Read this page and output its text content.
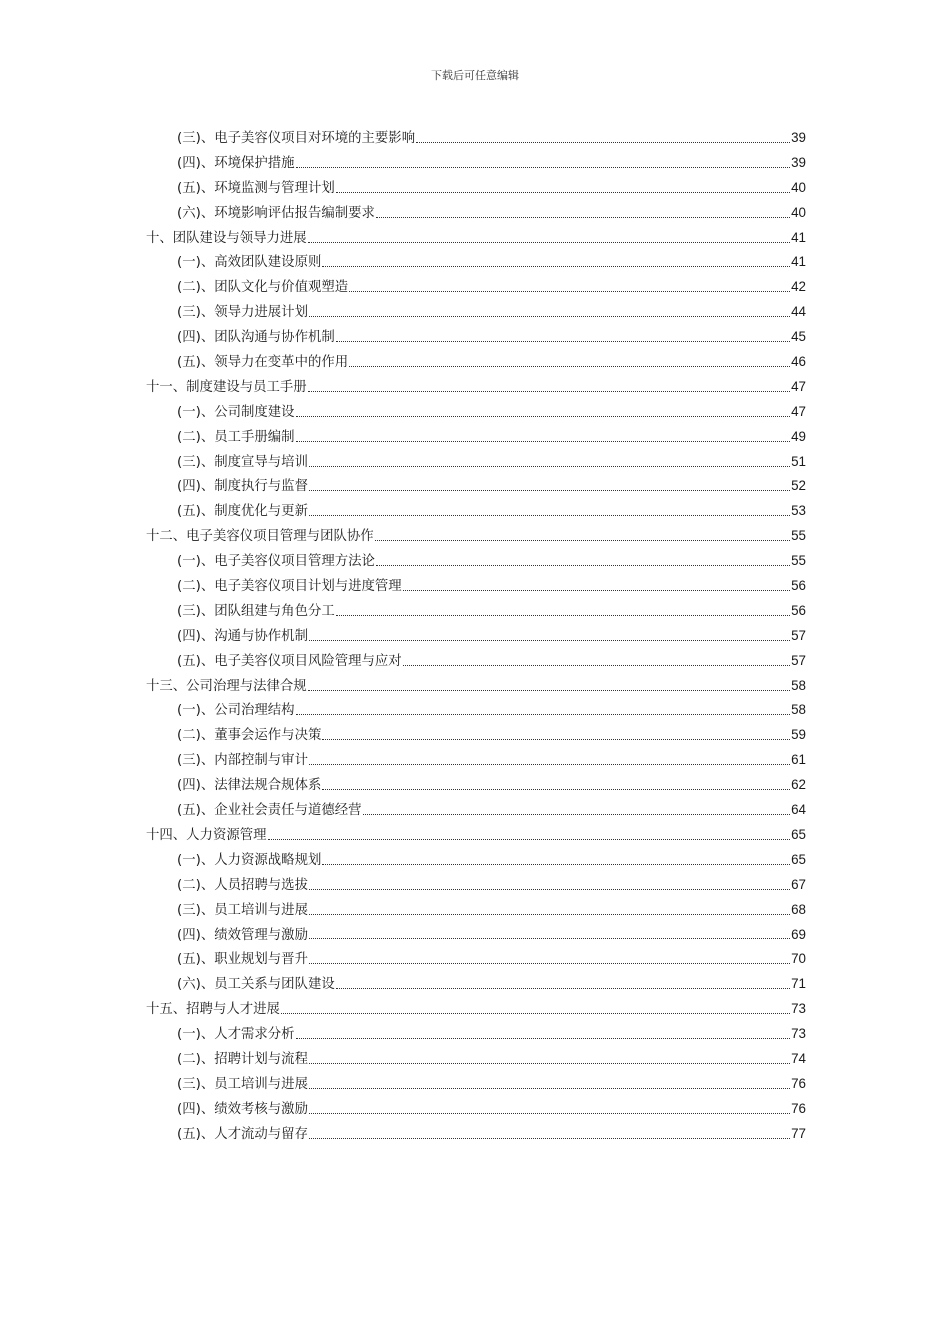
下载后可任意编辑
(三)、电子美容仪项目对环境的主要影响	39
(四)、环境保护措施	39
(五)、环境监测与管理计划	40
(六)、环境影响评估报告编制要求	40
十、团队建设与领导力进展	41
(一)、高效团队建设原则	41
(二)、团队文化与价值观塑造	42
(三)、领导力进展计划	44
(四)、团队沟通与协作机制	45
(五)、领导力在变革中的作用	46
十一、制度建设与员工手册	47
(一)、公司制度建设	47
(二)、员工手册编制	49
(三)、制度宣导与培训	51
(四)、制度执行与监督	52
(五)、制度优化与更新	53
十二、电子美容仪项目管理与团队协作	55
(一)、电子美容仪项目管理方法论	55
(二)、电子美容仪项目计划与进度管理	56
(三)、团队组建与角色分工	56
(四)、沟通与协作机制	57
(五)、电子美容仪项目风险管理与应对	57
十三、公司治理与法律合规	58
(一)、公司治理结构	58
(二)、董事会运作与决策	59
(三)、内部控制与审计	61
(四)、法律法规合规体系	62
(五)、企业社会责任与道德经营	64
十四、人力资源管理	65
(一)、人力资源战略规划	65
(二)、人员招聘与选拔	67
(三)、员工培训与进展	68
(四)、绩效管理与激励	69
(五)、职业规划与晋升	70
(六)、员工关系与团队建设	71
十五、招聘与人才进展	73
(一)、人才需求分析	73
(二)、招聘计划与流程	74
(三)、员工培训与进展	76
(四)、绩效考核与激励	76
(五)、人才流动与留存	77
